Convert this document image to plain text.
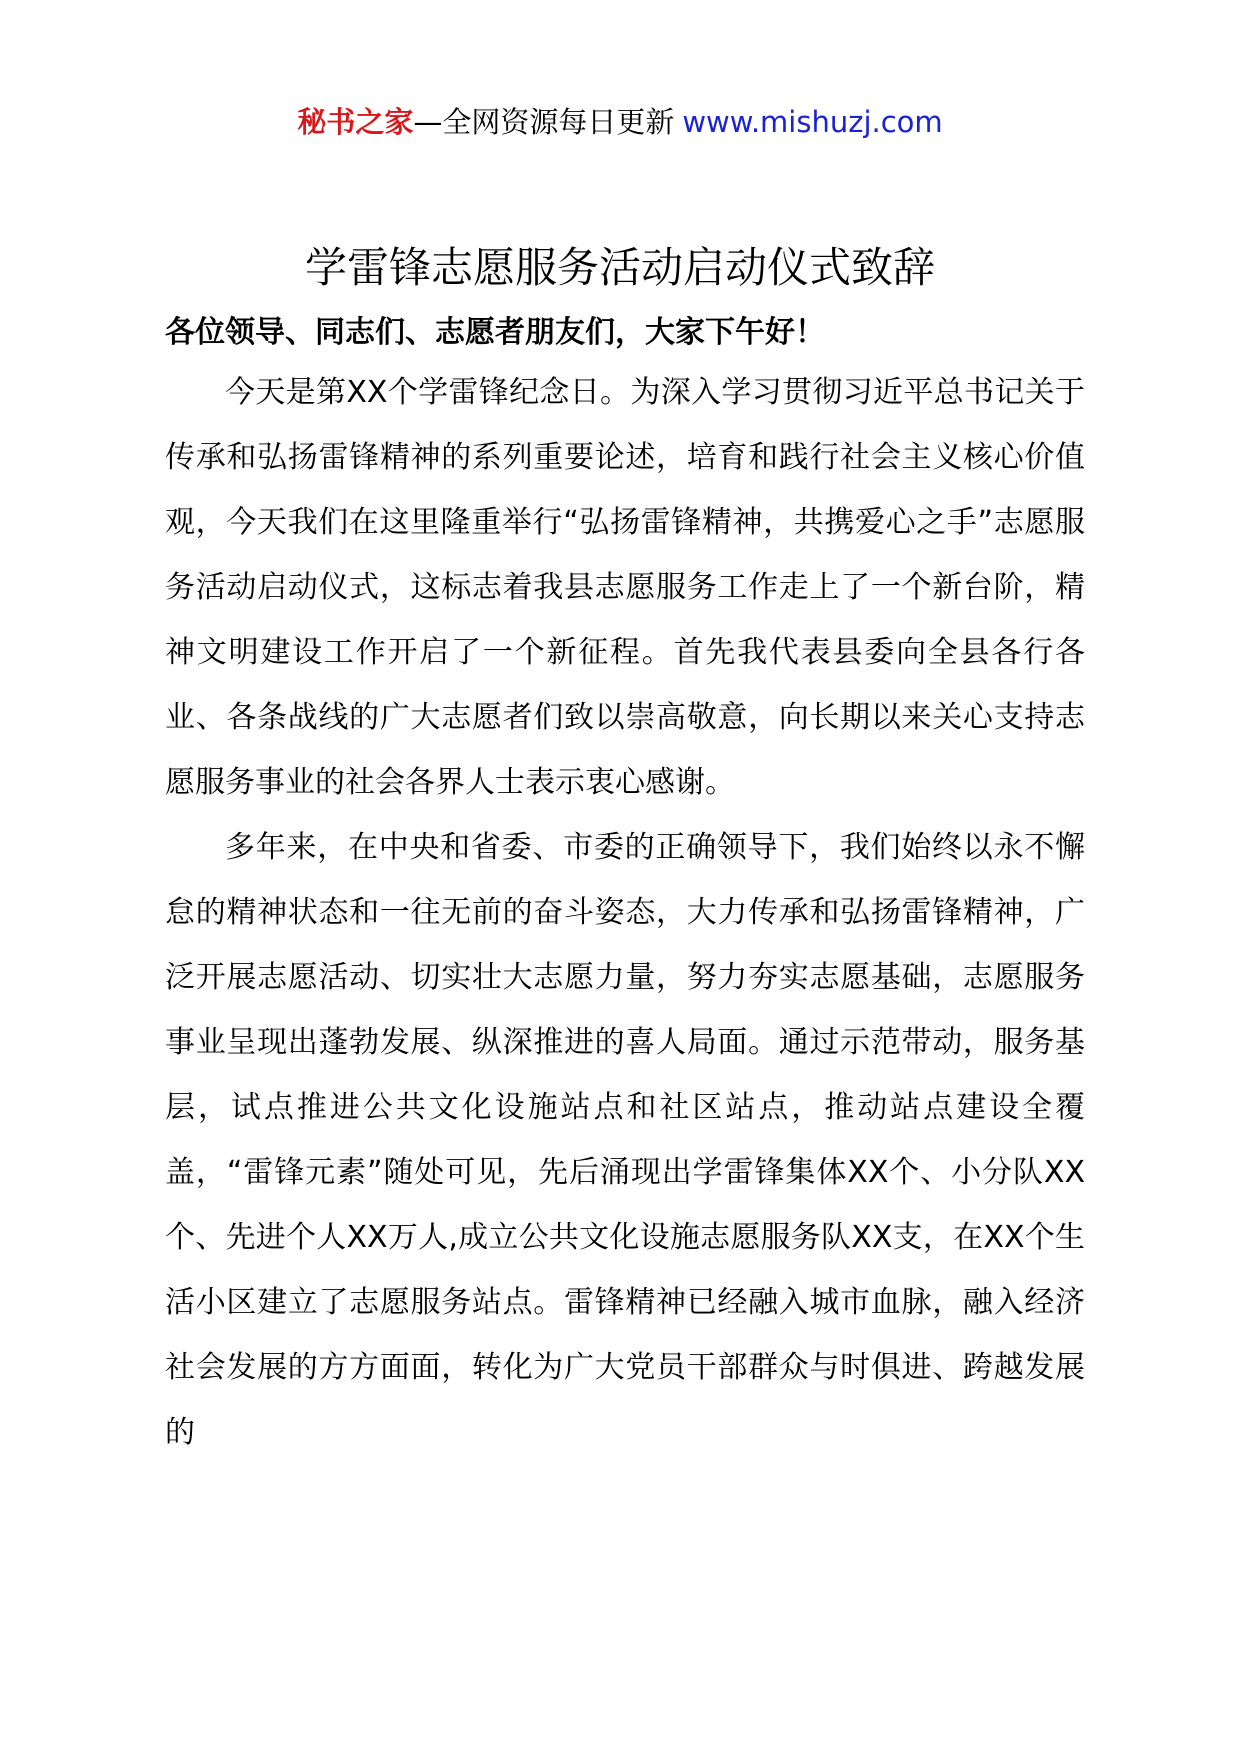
秘书之家—全网资源每日更新 www.mishuzj.com
学雷锋志愿服务活动启动仪式致辞

各位领导、同志们、志愿者朋友们，大家下午好！

今天是第XX个学雷锋纪念日。为深入学习贯彻习近平总书记关于传承和弘扬雷锋精神的系列重要论述，培育和践行社会主义核心价值观，今天我们在这里隆重举行“弘扬雷锋精神，共携爱心之手”志愿服务活动启动仪式，这标志着我县志愿服务工作走上了一个新台阶，精神文明建设工作开启了一个新征程。首先我代表县委向全县各行各业、各条战线的广大志愿者们致以崇高敬意，向长期以来关心支持志愿服务事业的社会各界人士表示衷心感谢。

多年来，在中央和省委、市委的正确领导下，我们始终以永不懈怠的精神状态和一往无前的奋斗姿态，大力传承和弘扬雷锋精神，广泛开展志愿活动、切实壮大志愿力量，努力夯实志愿基础，志愿服务事业呈现出蓬勃发展、纵深推进的喜人局面。通过示范带动，服务基层，试点推进公共文化设施站点和社区站点，推动站点建设全覆盖，“雷锋元素”随处可见，先后涌现出学雷锋集体XX个、小分队XX个、先进个人XX万人,成立公共文化设施志愿服务队XX支，在XX个生活小区建立了志愿服务站点。雷锋精神已经融入城市血脉，融入经济社会发展的方方面面，转化为广大党员干部群众与时俱进、跨越发展的
